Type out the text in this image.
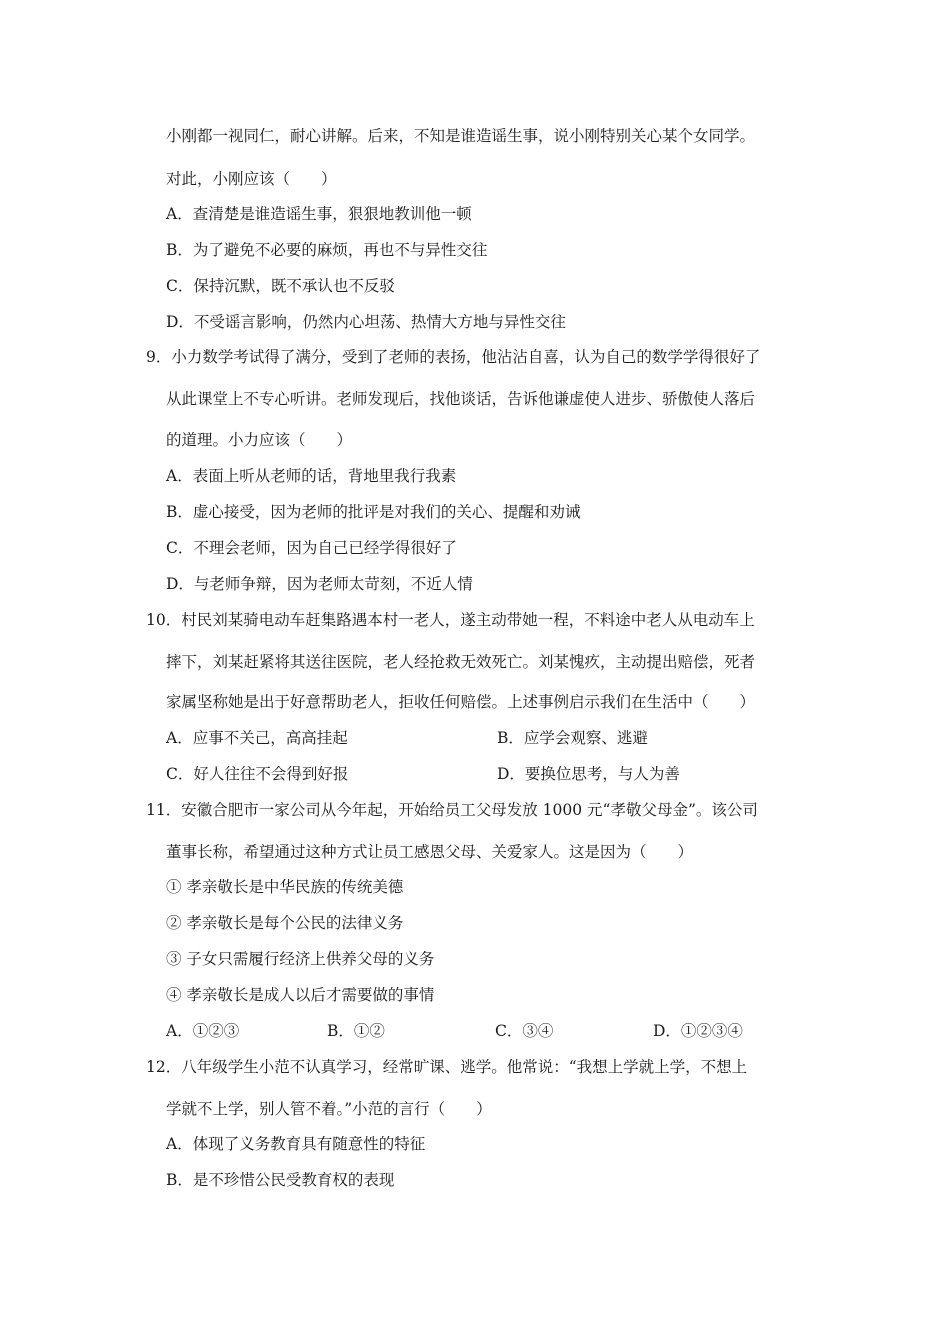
小刚都一视同仁，耐心讲解。后来，不知是谁造谣生事，说小刚特别关心某个女同学。
对此，小刚应该（　　）
A．查清楚是谁造谣生事，狠狠地教训他一顿
B．为了避免不必要的麻烦，再也不与异性交往
C．保持沉默，既不承认也不反驳
D．不受谣言影响，仍然内心坦荡、热情大方地与异性交往
9．小力数学考试得了满分，受到了老师的表扬，他沾沾自喜，认为自己的数学学得很好了
从此课堂上不专心听讲。老师发现后，找他谈话，告诉他谦虚使人进步、骄傲使人落后
的道理。小力应该（　　）
A．表面上听从老师的话，背地里我行我素
B．虚心接受，因为老师的批评是对我们的关心、提醒和劝诫
C．不理会老师，因为自己已经学得很好了
D．与老师争辩，因为老师太苛刻，不近人情
10．村民刘某骑电动车赶集路遇本村一老人，遂主动带她一程，不料途中老人从电动车上
摔下，刘某赶紧将其送往医院，老人经抢救无效死亡。刘某愧疚，主动提出赔偿，死者
家属坚称她是出于好意帮助老人，拒收任何赔偿。上述事例启示我们在生活中（　　）
A．应事不关己，高高挂起	B．应学会观察、逃避
C．好人往往不会得到好报	D．要换位思考，与人为善
11．安徽合肥市一家公司从今年起，开始给员工父母发放 1000 元“孝敬父母金”。该公司
董事长称，希望通过这种方式让员工感恩父母、关爱家人。这是因为（　　）
① 孝亲敬长是中华民族的传统美德
② 孝亲敬长是每个公民的法律义务
③ 子女只需履行经济上供养父母的义务
④ 孝亲敬长是成人以后才需要做的事情
A．①②③	B．①②	C．③④	D．①②③④
12．八年级学生小范不认真学习，经常旷课、逃学。他常说：“我想上学就上学，不想上
学就不上学，别人管不着。”小范的言行（　　）
A．体现了义务教育具有随意性的特征
B．是不珍惜公民受教育权的表现
